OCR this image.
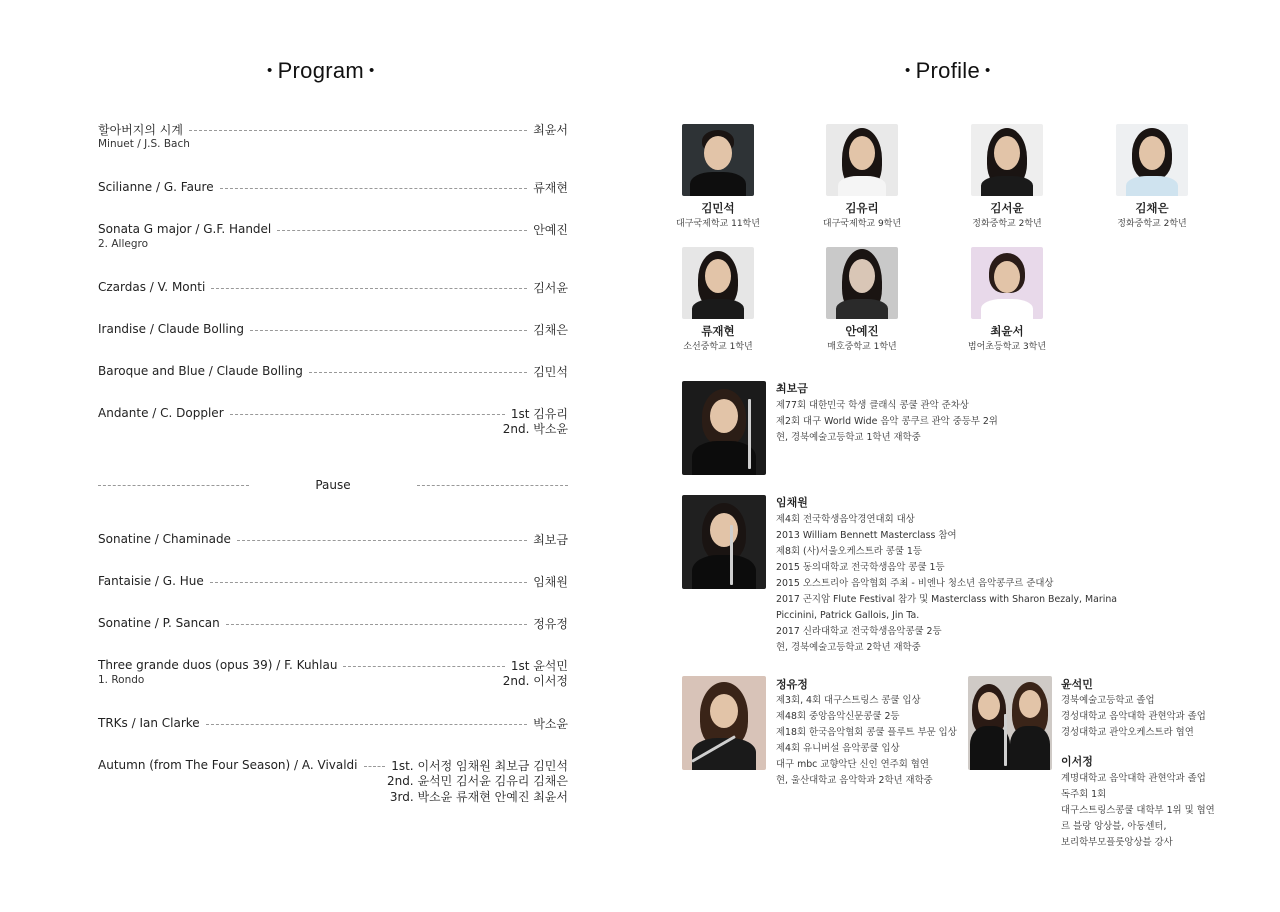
• Program •
할아버지의 시계	최윤서
Minuet / J.S. Bach
Scilianne / G. Faure	류재현
Sonata G major / G.F. Handel	안예진
2. Allegro
Czardas / V. Monti	김서윤
Irandise / Claude Bolling	김채은
Baroque and Blue / Claude Bolling	김민석
Andante / C. Doppler	1st 김유리
2nd. 박소윤
Pause
Sonatine / Chaminade	최보금
Fantaisie / G. Hue	임채원
Sonatine / P. Sancan	정유정
Three grande duos (opus 39) / F. Kuhlau	1st 윤석민
1. Rondo	2nd. 이서정
TRKs / Ian Clarke	박소윤
Autumn (from The Four Season) / A. Vivaldi	1st. 이서정 임채원 최보금 김민석
2nd. 윤석민 김서윤 김유리 김채은
3rd. 박소윤 류재현 안예진 최윤서
• Profile •
김민석
대구국제학교 11학년
김유리
대구국제학교 9학년
김서윤
정화중학교 2학년
김채은
정화중학교 2학년
류재현
소선중학교 1학년
안예진
매호중학교 1학년
최윤서
범어초등학교 3학년
최보금
제77회 대한민국 학생 클래식 콩쿨 관악 준차상
제2회 대구 World Wide 음악 콩쿠르 관악 중등부 2위
현, 경북예술고등학교 1학년 재학중
임채원
제4회 전국학생음악경연대회 대상
2013 William Bennett Masterclass 참여
제8회 (사)서울오케스트라 콩쿨 1등
2015 동의대학교 전국학생음악 콩쿨 1등
2015 오스트리아 음악협회 주최 - 비엔나 청소년 음악콩쿠르 준대상
2017 곤지암 Flute Festival 참가 및 Masterclass with Sharon Bezaly, Marina
Piccinini, Patrick Gallois, Jin Ta.
2017 신라대학교 전국학생음악콩쿨 2등
현, 경북예술고등학교 2학년 재학중
정유정
제3회, 4회 대구스트링스 콩쿨 입상
제48회 중앙음악신문콩쿨 2등
제18회 한국음악협회 콩쿨 플루트 부문 입상
제4회 유니버설 음악콩쿨 입상
대구 mbc 교향악단 신인 연주회 협연
현, 울산대학교 음악학과 2학년 재학중
윤석민
경북예술고등학교 졸업
경성대학교 음악대학 관현악과 졸업
경성대학교 관악오케스트라 협연
이서정
계명대학교 음악대학 관현악과 졸업
독주회 1회
대구스트링스콩쿨 대학부 1위 및 협연
르 블랑 앙상블, 아동센터,
보리학부모플룻앙상블 강사
